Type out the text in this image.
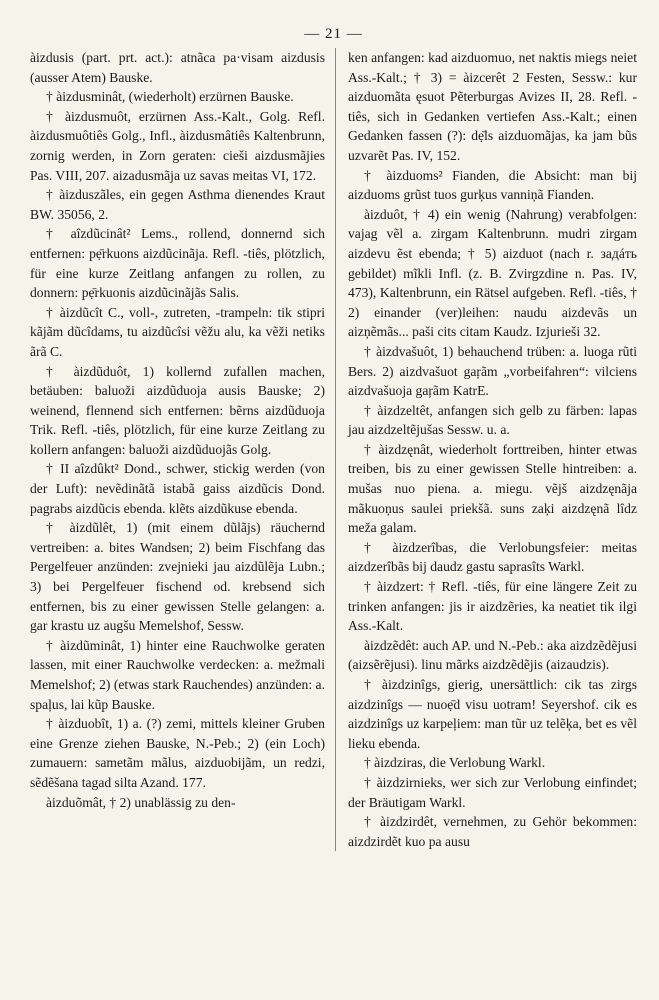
— 21 —

àizdusis (part. prt. act.): atnãca pa·visam aizdusis (ausser Atem) Bauske.

† àizdusminât, (wiederholt) erzürnen Bauske.

† àizdusmuôt, erzürnen Ass.-Kalt., Golg. Refl. àizdusmuôtiês Golg., Infl., àizdusmâtiês Kaltenbrunn, zornig werden, in Zorn geraten: cieši aizdusmãjies Pas. VIII, 207. aizadusmãja uz savas meitas VI, 172.

† àizduszãles, ein gegen Asthma dienendes Kraut BW. 35056, 2.

† aîzdũcinât² Lems., rollend, donnernd sich entfernen: pẹ̄rkuons aizdũcinãja. Refl. -tiês, plötzlich, für eine kurze Zeitlang anfangen zu rollen, zu donnern: pẹ̄rkuonis aizdũcinãjãs Salis.

† àizdũcît C., voll-, zutreten, -trampeln: tik stipri kãjãm dũcîdams, tu aizdũcîsi vẽžu alu, ka vẽži netiks ãrã C.

† àizdũduôt, 1) kollernd zufallen machen, betäuben: baluoži aizdũduoja ausis Bauske; 2) weinend, flennend sich entfernen: bẽrns aizdũduoja Trik. Refl. -tiês, plötzlich, für eine kurze Zeitlang zu kollern anfangen: baluoži aizdũduojãs Golg.

† II aîzdûkt² Dond., schwer, stickig werden (von der Luft): nevẽdinãtã istabã gaiss aizdũcis Dond. pagrabs aizdũcis ebenda. klẽts aizdũkuse ebenda.

† àizdũlêt, 1) (mit einem dũlãjs) räuchernd vertreiben: a. bites Wandsen; 2) beim Fischfang das Pergelfeuer anzünden: zvejnieki jau aizdũlẽja Lubn.; 3) bei Pergelfeuer fischend od. krebsend sich entfernen, bis zu einer gewissen Stelle gelangen: a. gar krastu uz augšu Memelshof, Sessw.

† àizdũminât, 1) hinter eine Rauchwolke geraten lassen, mit einer Rauchwolke verdecken: a. mežmali Memelshof; 2) (etwas stark Rauchendes) anzünden: a. spaļus, lai kũp Bauske.

† àizduobît, 1) a. (?) zemi, mittels kleiner Gruben eine Grenze ziehen Bauske, N.-Peb.; 2) (ein Loch) zumauern: sametãm mãlus, aizduobijãm, un redzi, sẽdẽšana tagad silta Azand. 177.

àizduõmât, † 2) unablässig zu den-

ken anfangen: kad aizduomuo, net naktis miegs neiet Ass.-Kalt.; † 3) = àizcerêt 2 Festen, Sessw.: kur aizduomãta ęsuot Pẽterburgas Avizes II, 28. Refl. -tiês, sich in Gedanken vertiefen Ass.-Kalt.; einen Gedanken fassen (?): dẹ̄ls aizduomãjas, ka jam bũs uzvarẽt Pas. IV, 152.

† àizduoms² Fianden, die Absicht: man bij aizduoms grũst tuos gurķus vanniņã Fianden.

àizduôt, † 4) ein wenig (Nahrung) verabfolgen: vajag vẽl a. zirgam Kaltenbrunn. mudri zirgam aizdevu ẽst ebenda; † 5) aizduot (nach r. задáть gebildet) mĩkli Infl. (z. B. Zvirgzdine n. Pas. IV, 473), Kaltenbrunn, ein Rätsel aufgeben. Refl. -tiês, † 2) einander (ver)leihen: naudu aizdevãs un aizņẽmãs... paši cits citam Kaudz. Izjurieši 32.

† àizdvašuôt, 1) behauchend trüben: a. luoga rũti Bers. 2) aizdvašuot gaŗãm „vorbeifahren“: vilciens aizdvašuoja gaŗãm KatrE.

† àizdzeltêt, anfangen sich gelb zu färben: lapas jau aizdzeltẽjušas Sessw. u. a.

† àizdzęnât, wiederholt forttreiben, hinter etwas treiben, bis zu einer gewissen Stelle hintreiben: a. mušas nuo piena. a. miegu. vẽjš aizdzęnãja mãkuoņus saulei priekšã. suns zaķi aizdzęnã lîdz meža galam.

† àizdzerîbas, die Verlobungsfeier: meitas aizdzerîbãs bij daudz gastu saprasîts Warkl.

† àizdzert: † Refl. -tiês, für eine längere Zeit zu trinken anfangen: jis ir aizdzẽries, ka neatiet tik ilgi Ass.-Kalt.

àizdzẽdêt: auch AP. und N.-Peb.: aka aizdzẽdẽjusi (aizsẽrẽjusi). linu mãrks aizdzẽdẽjis (aizaudzis).

† àizdzinîgs, gierig, unersättlich: cik tas zirgs aizdzinîgs — nuoẹ̄d visu uotram! Seyershof. cik es aizdzinîgs uz karpeļiem: man tũr uz telẽķa, bet es vẽl lieku ebenda.

† àizdziras, die Verlobung Warkl.

† àizdzirnieks, wer sich zur Verlobung einfindet; der Bräutigam Warkl.

† àizdzirdêt, vernehmen, zu Gehör bekommen: aizdzirdẽt kuo pa ausu
